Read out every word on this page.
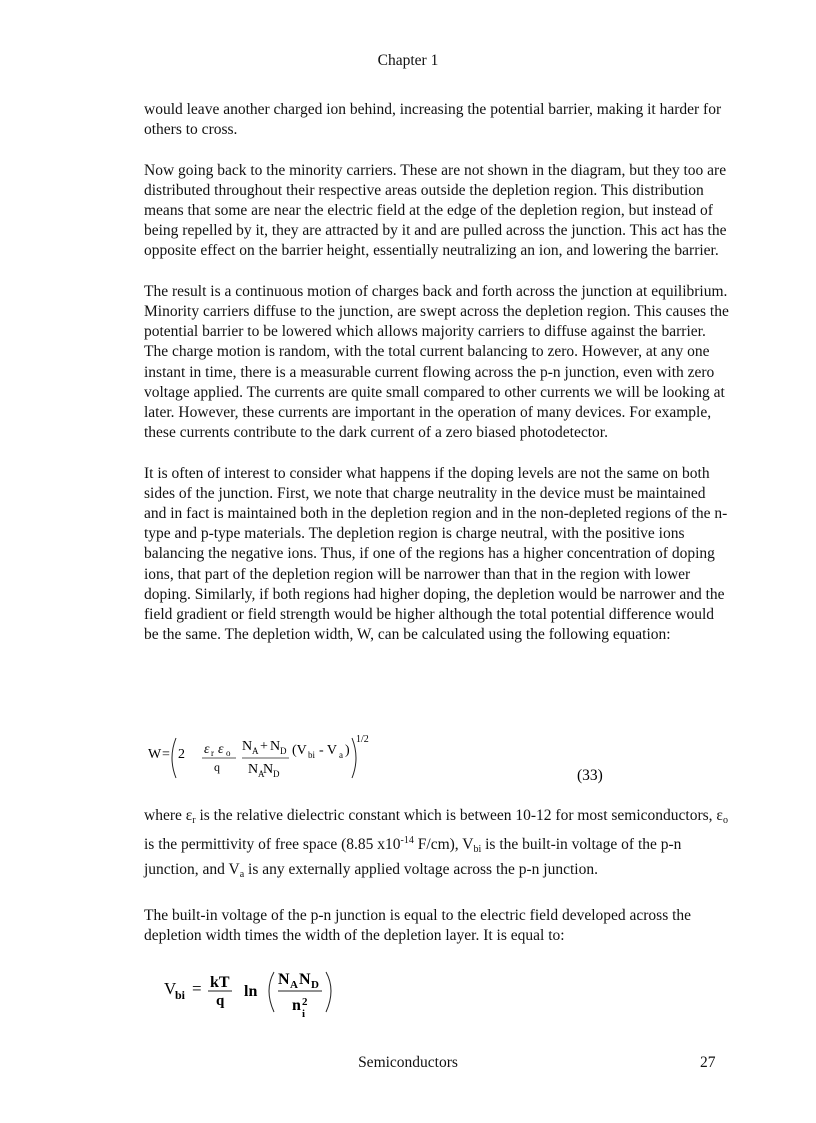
Chapter 1

would leave another charged ion behind, increasing the potential barrier, making it harder for others to cross.

Now going back to the minority carriers. These are not shown in the diagram, but they too are distributed throughout their respective areas outside the depletion region. This distribution means that some are near the electric field at the edge of the depletion region, but instead of being repelled by it, they are attracted by it and are pulled across the junction. This act has the opposite effect on the barrier height, essentially neutralizing an ion, and lowering the barrier.

The result is a continuous motion of charges back and forth across the junction at equilibrium. Minority carriers diffuse to the junction, are swept across the depletion region. This causes the potential barrier to be lowered which allows majority carriers to diffuse against the barrier. The charge motion is random, with the total current balancing to zero. However, at any one instant in time, there is a measurable current flowing across the p-n junction, even with zero voltage applied. The currents are quite small compared to other currents we will be looking at later. However, these currents are important in the operation of many devices. For example, these currents contribute to the dark current of a zero biased photodetector.

It is often of interest to consider what happens if the doping levels are not the same on both sides of the junction. First, we note that charge neutrality in the device must be maintained and in fact is maintained both in the depletion region and in the non-depleted regions of the n-type and p-type materials. The depletion region is charge neutral, with the positive ions balancing the negative ions. Thus, if one of the regions has a higher concentration of doping ions, that part of the depletion region will be narrower than that in the region with lower doping. Similarly, if both regions had higher doping, the depletion would be narrower and the field gradient or field strength would be higher although the total potential difference would be the same. The depletion width, W, can be calculated using the following equation:

W = 2 ε r ε o
q
N A + N D
N A
N D
(V bi - V a )
1/2
(33)

where $\varepsilon_r$ is the relative dielectric constant which is between 10-12 for most semiconductors, $\varepsilon_o$ is the permittivity of free space (8.85 $x10^{-14}$ F/cm), $V_{bi}$ is the built-in voltage of the p-n junction, and $V_a$ is any externally applied voltage across the p-n junction.

The built-in voltage of the p-n junction is equal to the electric field developed across the depletion width times the width of the depletion layer. It is equal to:

V
bi = kT
q
ln
N A N D
n 2
i
Semiconductors	27
